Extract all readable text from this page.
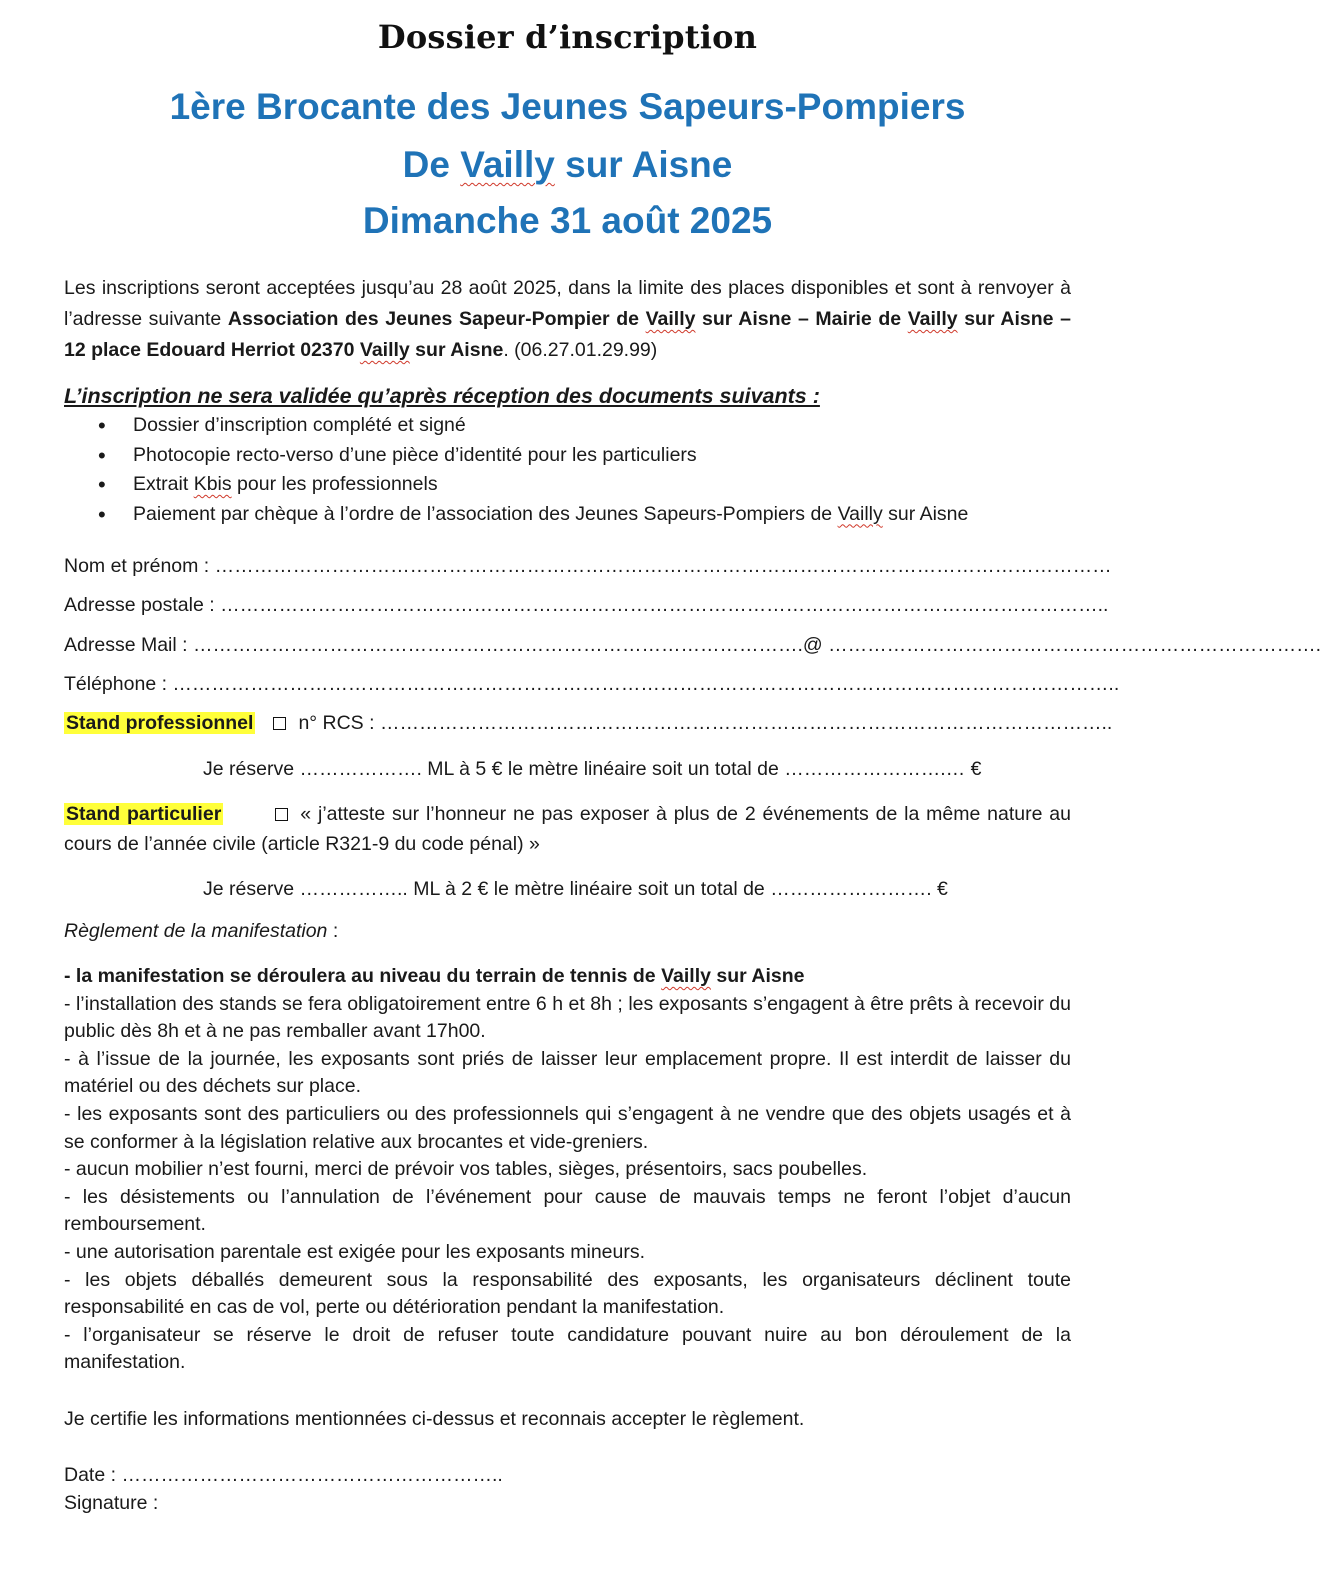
Dossier d’inscription
1ère Brocante des Jeunes Sapeurs-Pompiers
De Vailly sur Aisne
Dimanche 31 août 2025
Les inscriptions seront acceptées jusqu’au 28 août 2025, dans la limite des places disponibles et sont à renvoyer à l’adresse suivante Association des Jeunes Sapeur-Pompier de Vailly sur Aisne – Mairie de Vailly sur Aisne – 12 place Edouard Herriot 02370 Vailly sur Aisne. (06.27.01.29.99)
L’inscription ne sera validée qu’après réception des documents suivants :
• Dossier d’inscription complété et signé
• Photocopie recto-verso d’une pièce d’identité pour les particuliers
• Extrait Kbis pour les professionnels
• Paiement par chèque à l’ordre de l’association des Jeunes Sapeurs-Pompiers de Vailly sur Aisne
Nom et prénom : …………………………………………………………………………………………………………………………
Adresse postale : ………………………………………………………………………………………………………………………..
Adresse Mail : ………………………………………………………………………………….@ ………………………………………………………………….
Téléphone : ………………………………………………………………………………………………………………………………..
Stand professionnel n° RCS : …………………………………………………………………………………………………..
Je réserve ………………. ML à 5 € le mètre linéaire soit un total de …………………….… €
Stand particulier	« j’atteste sur l’honneur ne pas exposer à plus de 2 événements de la même nature au cours de l’année civile (article R321-9 du code pénal) »
Je réserve …………….. ML à 2 € le mètre linéaire soit un total de ……………………. €
Règlement de la manifestation :

- la manifestation se déroulera au niveau du terrain de tennis de Vailly sur Aisne

- l’installation des stands se fera obligatoirement entre 6 h et 8h ; les exposants s’engagent à être prêts à recevoir du public dès 8h et à ne pas remballer avant 17h00.

- à l’issue de la journée, les exposants sont priés de laisser leur emplacement propre. Il est interdit de laisser du matériel ou des déchets sur place.

- les exposants sont des particuliers ou des professionnels qui s’engagent à ne vendre que des objets usagés et à se conformer à la législation relative aux brocantes et vide-greniers.

- aucun mobilier n’est fourni, merci de prévoir vos tables, sièges, présentoirs, sacs poubelles.

- les désistements ou l’annulation de l’événement pour cause de mauvais temps ne feront l’objet d’aucun remboursement.

- une autorisation parentale est exigée pour les exposants mineurs.

- les objets déballés demeurent sous la responsabilité des exposants, les organisateurs déclinent toute responsabilité en cas de vol, perte ou détérioration pendant la manifestation.

- l’organisateur se réserve le droit de refuser toute candidature pouvant nuire au bon déroulement de la manifestation.

Je certifie les informations mentionnées ci-dessus et reconnais accepter le règlement.
Date : …………………………………………………..
Signature :
